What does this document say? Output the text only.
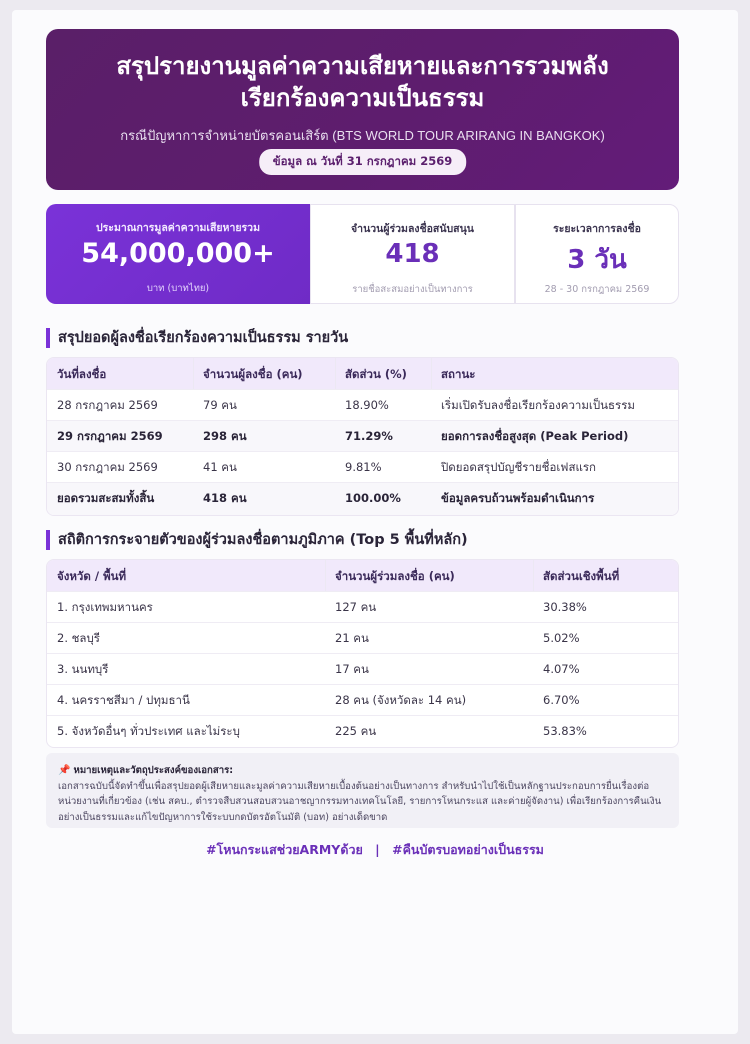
สรุปรายงานมูลค่าความเสียหายและการรวมพลัง
เรียกร้องความเป็นธรรม
กรณีปัญหาการจำหน่ายบัตรคอนเสิร์ต (BTS WORLD TOUR ARIRANG IN BANGKOK)
ข้อมูล ณ วันที่ 31 กรกฎาคม 2569
ประมาณการมูลค่าความเสียหายรวม
54,000,000+
บาท (บาทไทย)
จำนวนผู้ร่วมลงชื่อสนับสนุน
418
รายชื่อสะสมอย่างเป็นทางการ
ระยะเวลาการลงชื่อ
3 วัน
28 - 30 กรกฎาคม 2569
สรุปยอดผู้ลงชื่อเรียกร้องความเป็นธรรม รายวัน
วันที่ลงชื่อ	จำนวนผู้ลงชื่อ (คน)	สัดส่วน (%)	สถานะ
28 กรกฎาคม 2569	79 คน	18.90%	เริ่มเปิดรับลงชื่อเรียกร้องความเป็นธรรม
29 กรกฎาคม 2569	298 คน	71.29%	ยอดการลงชื่อสูงสุด (Peak Period)
30 กรกฎาคม 2569	41 คน	9.81%	ปิดยอดสรุปบัญชีรายชื่อเฟสแรก
ยอดรวมสะสมทั้งสิ้น	418 คน	100.00%	ข้อมูลครบถ้วนพร้อมดำเนินการ
สถิติการกระจายตัวของผู้ร่วมลงชื่อตามภูมิภาค (Top 5 พื้นที่หลัก)
จังหวัด / พื้นที่	จำนวนผู้ร่วมลงชื่อ (คน)	สัดส่วนเชิงพื้นที่
1. กรุงเทพมหานคร	127 คน	30.38%
2. ชลบุรี	21 คน	5.02%
3. นนทบุรี	17 คน	4.07%
4. นครราชสีมา / ปทุมธานี	28 คน (จังหวัดละ 14 คน)	6.70%
5. จังหวัดอื่นๆ ทั่วประเทศ และไม่ระบุ	225 คน	53.83%
📌 หมายเหตุและวัตถุประสงค์ของเอกสาร:
เอกสารฉบับนี้จัดทำขึ้นเพื่อสรุปยอดผู้เสียหายและมูลค่าความเสียหายเบื้องต้นอย่างเป็นทางการ สำหรับนำไปใช้เป็นหลักฐานประกอบการยื่นเรื่องต่อหน่วยงานที่เกี่ยวข้อง (เช่น สคบ., ตำรวจสืบสวนสอบสวนอาชญากรรมทางเทคโนโลยี, รายการโหนกระแส และค่ายผู้จัดงาน) เพื่อเรียกร้องการคืนเงินอย่างเป็นธรรมและแก้ไขปัญหาการใช้ระบบกดบัตรอัตโนมัติ (บอท) อย่างเด็ดขาด
#โหนกระแสช่วยARMYด้วย | #คืนบัตรบอทอย่างเป็นธรรม
